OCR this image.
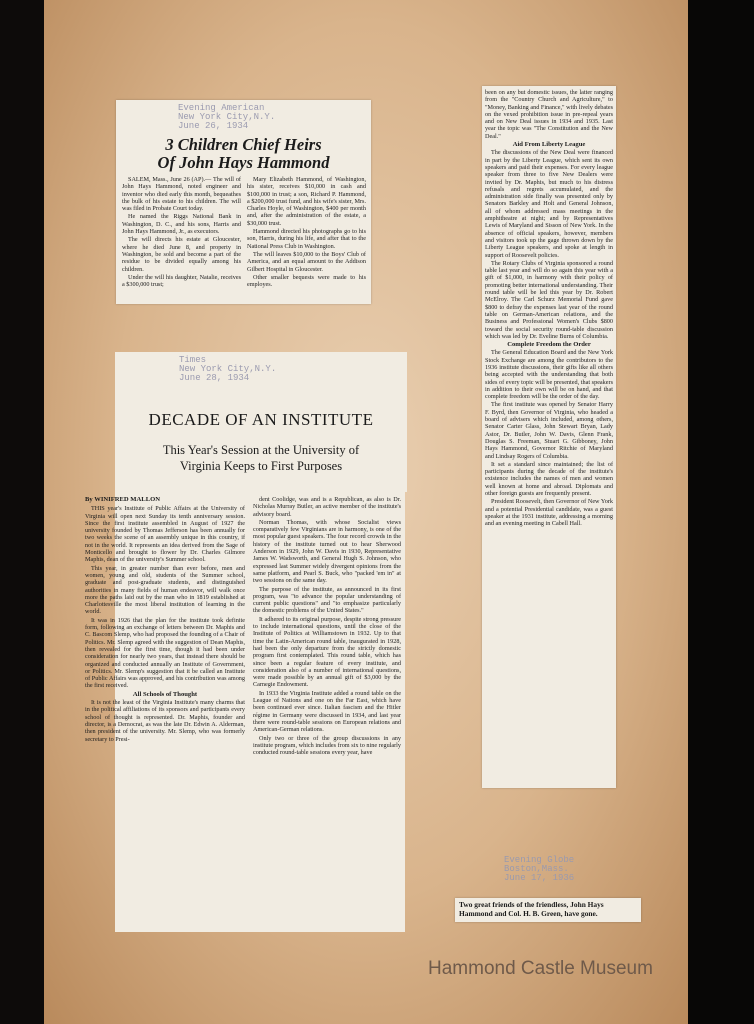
Evening American
New York City,N.Y.
June 26, 1934
3 Children Chief Heirs
Of John Hays Hammond

SALEM, Mass., June 26 (AP).— The will of John Hays Hammond, noted engineer and inventor who died early this month, bequeathes the bulk of his estate to his children. The will was filed in Probate Court today.

He named the Riggs National Bank in Washington, D. C., and his sons, Harris and John Hays Hammond, Jr., as executors.

The will directs his estate at Gloucester, where he died June 8, and property in Washington, be sold and become a part of the residue to be divided equally among his children.

Under the will his daughter, Natalie, receives a $300,000 trust;

Mary Elizabeth Hammond, of Washington, his sister, receives $10,000 in cash and $100,000 in trust; a son, Richard P. Hammond, a $200,000 trust fund, and his wife's sister, Mrs. Charles Hoyle, of Washington, $400 per month and, after the administration of the estate, a $30,000 trust.

Hammond directed his photographs go to his son, Harris, during his life, and after that to the National Press Club in Washington.

The will leaves $10,000 to the Boys' Club of America, and an equal amount to the Addison Gilbert Hospital in Gloucester.

Other smaller bequests were made to his employes.

Times
New York City,N.Y.
June 28, 1934
DECADE OF AN INSTITUTE
This Year's Session at the University of
Virginia Keeps to First Purposes
By WINIFRED MALLON

THIS year's Institute of Public Affairs at the University of Virginia will open next Sunday its tenth anniversary session. Since the first institute assembled in August of 1927 the university founded by Thomas Jefferson has been annually for two weeks the scene of an assembly unique in this country, if not in the world. It represents an idea derived from the Sage of Monticello and brought to flower by Dr. Charles Gilmore Maphis, dean of the university's Summer school.

This year, in greater number than ever before, men and women, young and old, students of the Summer school, graduate and post-graduate students, and distinguished authorities in many fields of human endeavor, will walk once more the paths laid out by the man who in 1819 established at Charlottesville the most liberal institution of learning in the world.

It was in 1926 that the plan for the institute took definite form, following an exchange of letters between Dr. Maphis and C. Bascom Slemp, who had proposed the founding of a Chair of Politics. Mr. Slemp agreed with the suggestion of Dean Maphis, then revealed for the first time, though it had been under consideration for nearly two years, that instead there should be organized and conducted annually an Institute of Government, or Politics. Mr. Slemp's suggestion that it be called an Institute of Public Affairs was approved, and his contribution was among the first received.

All Schools of Thought

It is not the least of the Virginia Institute's many charms that in the political affiliations of its sponsors and participants every school of thought is represented. Dr. Maphis, founder and director, is a Democrat, as was the late Dr. Edwin A. Alderman, then president of the university. Mr. Slemp, who was formerly secretary to Presi-

dent Coolidge, was and is a Republican, as also is Dr. Nicholas Murray Butler, an active member of the institute's advisory board.

Norman Thomas, with whose Socialist views comparatively few Virginians are in harmony, is one of the most popular guest speakers. The four record crowds in the history of the institute turned out to hear Sherwood Anderson in 1929, John W. Davis in 1930, Representative James W. Wadsworth, and General Hugh S. Johnson, who expressed last Summer widely divergent opinions from the same platform, and Pearl S. Buck, who "packed 'em in" at two sessions on the same day.

The purpose of the institute, as announced in its first program, was "to advance the popular understanding of current public questions" and "to emphasize particularly the domestic problems of the United States."

It adhered to its original purpose, despite strong pressure to include international questions, until the close of the Institute of Politics at Williamstown in 1932. Up to that time the Latin-American round table, inaugurated in 1928, had been the only departure from the strictly domestic program first contemplated. This round table, which has since been a regular feature of every institute, and consideration also of a number of international questions, were made possible by an annual gift of $3,000 by the Carnegie Endowment.

In 1933 the Virginia Institute added a round table on the League of Nations and one on the Far East, which have been continued ever since. Italian fascism and the Hitler régime in Germany were discussed in 1934, and last year there were round-table sessions on European relations and American-German relations.

Only two or three of the group discussions in any institute program, which includes from six to nine regularly conducted round-table sessions every year, have

been on any but domestic issues, the latter ranging from the "Country Church and Agriculture," to "Money, Banking and Finance," with lively debates on the vexed prohibition issue in pre-repeal years and on New Deal issues in 1934 and 1935. Last year the topic was "The Constitution and the New Deal."

Aid From Liberty League

The discussions of the New Deal were financed in part by the Liberty League, which sent its own speakers and paid their expenses. For every league speaker from three to five New Dealers were invited by Dr. Maphis, but much to his distress refusals and regrets accumulated, and the administration side finally was presented only by Senators Barkley and Holt and General Johnson, all of whom addressed mass meetings in the amphitheatre at night; and by Representatives Lewis of Maryland and Sisson of New York. In the absence of official speakers, however, members and visitors took up the gage thrown down by the Liberty League speakers, and spoke at length in support of Roosevelt policies.

The Rotary Clubs of Virginia sponsored a round table last year and will do so again this year with a gift of $1,000, in harmony with their policy of promoting better international understanding. Their round table will be led this year by Dr. Robert McElroy. The Carl Schurz Memorial Fund gave $800 to defray the expenses last year of the round table on German-American relations, and the Business and Professional Women's Clubs $800 toward the social security round-table discussion which was led by Dr. Eveline Burns of Columbia.

Complete Freedom the Order

The General Education Board and the New York Stock Exchange are among the contributors to the 1936 institute discussions, their gifts like all others being accepted with the understanding that both sides of every topic will be presented, that speakers in addition to their own will be on hand, and that complete freedom will be the order of the day.

The first institute was opened by Senator Harry F. Byrd, then Governor of Virginia, who headed a board of advisers which included, among others, Senator Carter Glass, John Stewart Bryan, Lady Astor, Dr. Butler, John W. Davis, Glenn Frank, Douglas S. Freeman, Stuart G. Gibboney, John Hays Hammond, Governor Ritchie of Maryland and Lindsay Rogers of Columbia.

It set a standard since maintained; the list of participants during the decade of the institute's existence includes the names of men and women well known at home and abroad. Diplomats and other foreign guests are frequently present.

President Roosevelt, then Governor of New York and a potential Presidential candidate, was a guest speaker at the 1931 institute, addressing a morning and an evening meeting in Cabell Hall.

Evening Globe
Boston,Mass.
June 17, 1936
Two great friends of the friendless, John Hays Hammond and Col. H. B. Green, have gone.
Hammond Castle Museum
